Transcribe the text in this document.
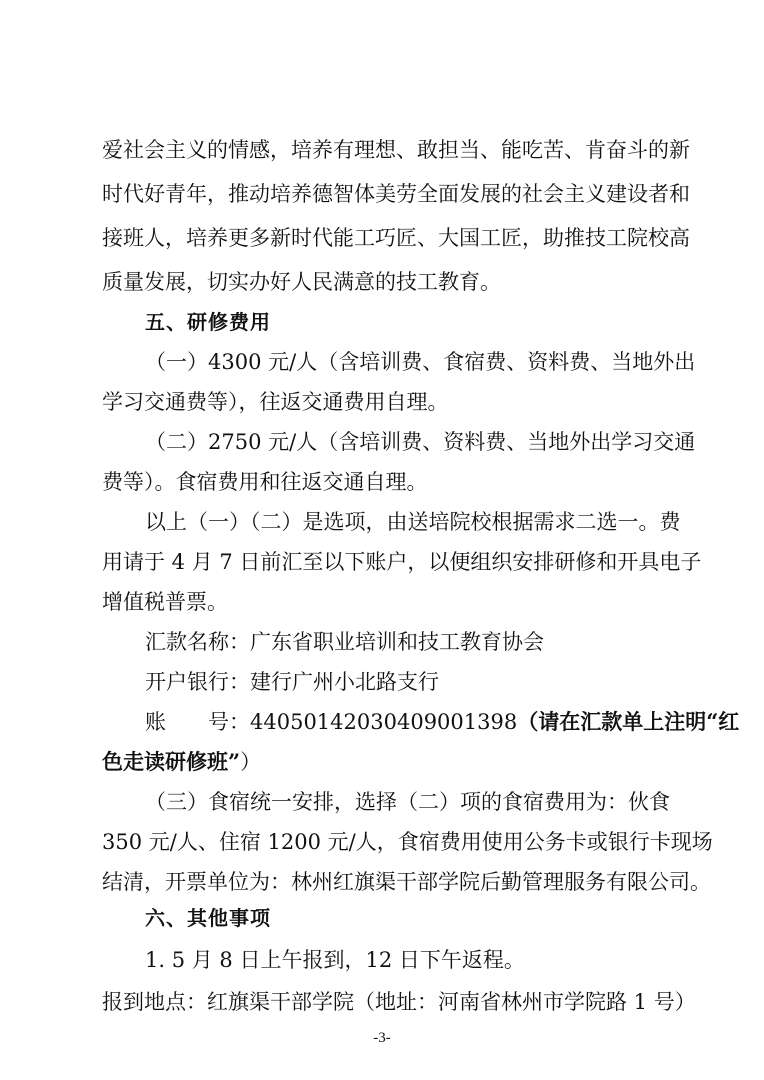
爱社会主义的情感，培养有理想、敢担当、能吃苦、肯奋斗的新
时代好青年，推动培养德智体美劳全面发展的社会主义建设者和
接班人，培养更多新时代能工巧匠、大国工匠，助推技工院校高
质量发展，切实办好人民满意的技工教育。
五、研修费用
（一）4300 元/人（含培训费、食宿费、资料费、当地外出
学习交通费等），往返交通费用自理。
（二）2750 元/人（含培训费、资料费、当地外出学习交通
费等）。食宿费用和往返交通自理。
以上（一）（二）是选项，由送培院校根据需求二选一。费
用请于 4 月 7 日前汇至以下账户，以便组织安排研修和开具电子
增值税普票。
汇款名称：广东省职业培训和技工教育协会
开户银行：建行广州小北路支行
账　　号：44050142030409001398（请在汇款单上注明“红
色走读研修班”）
（三）食宿统一安排，选择（二）项的食宿费用为：伙食
350 元/人、住宿 1200 元/人，食宿费用使用公务卡或银行卡现场
结清，开票单位为：林州红旗渠干部学院后勤管理服务有限公司。
-3-
六、其他事项
1. 5 月 8 日上午报到，12 日下午返程。
报到地点：红旗渠干部学院（地址：河南省林州市学院路 1 号）
